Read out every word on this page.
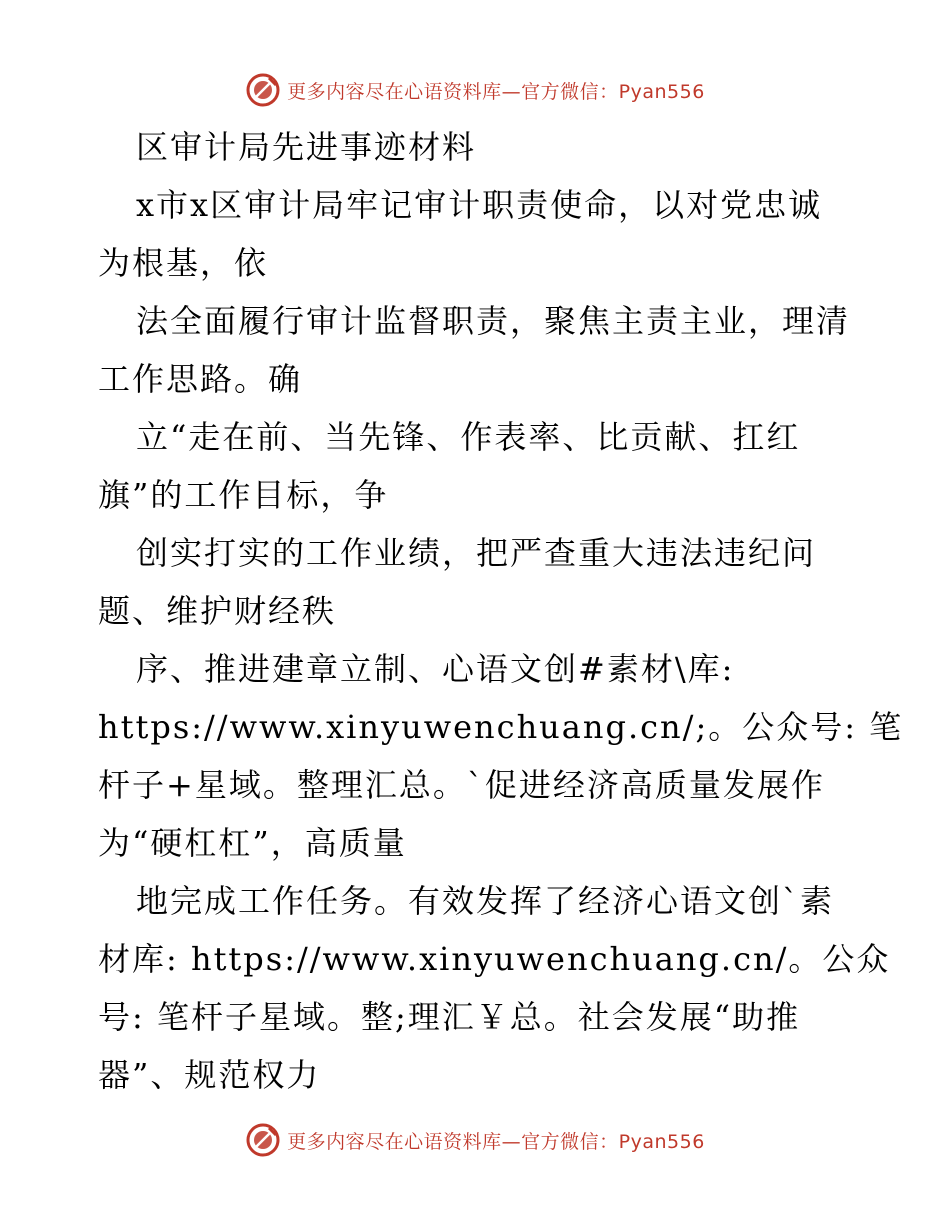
更多内容尽在心语资料库—官方微信：Pyan556
区审计局先进事迹材料
x市x区审计局牢记审计职责使命，以对党忠诚
为根基，依
法全面履行审计监督职责，聚焦主责主业，理清
工作思路。确
立“走在前、当先锋、作表率、比贡献、扛红
旗”的工作目标，争
创实打实的工作业绩，把严查重大违法违纪问
题、维护财经秩
序、推进建章立制、心语文创#素材\库:
https://www.xinyuwenchuang.cn/;。公众号: 笔
杆子+星域。整理汇总。`促进经济高质量发展作
为“硬杠杠”，高质量
地完成工作任务。有效发挥了经济心语文创`素
材库: https://www.xinyuwenchuang.cn/。公众
号: 笔杆子星域。整;理汇￥总。社会发展“助推
器”、规范权力
更多内容尽在心语资料库—官方微信：Pyan556
